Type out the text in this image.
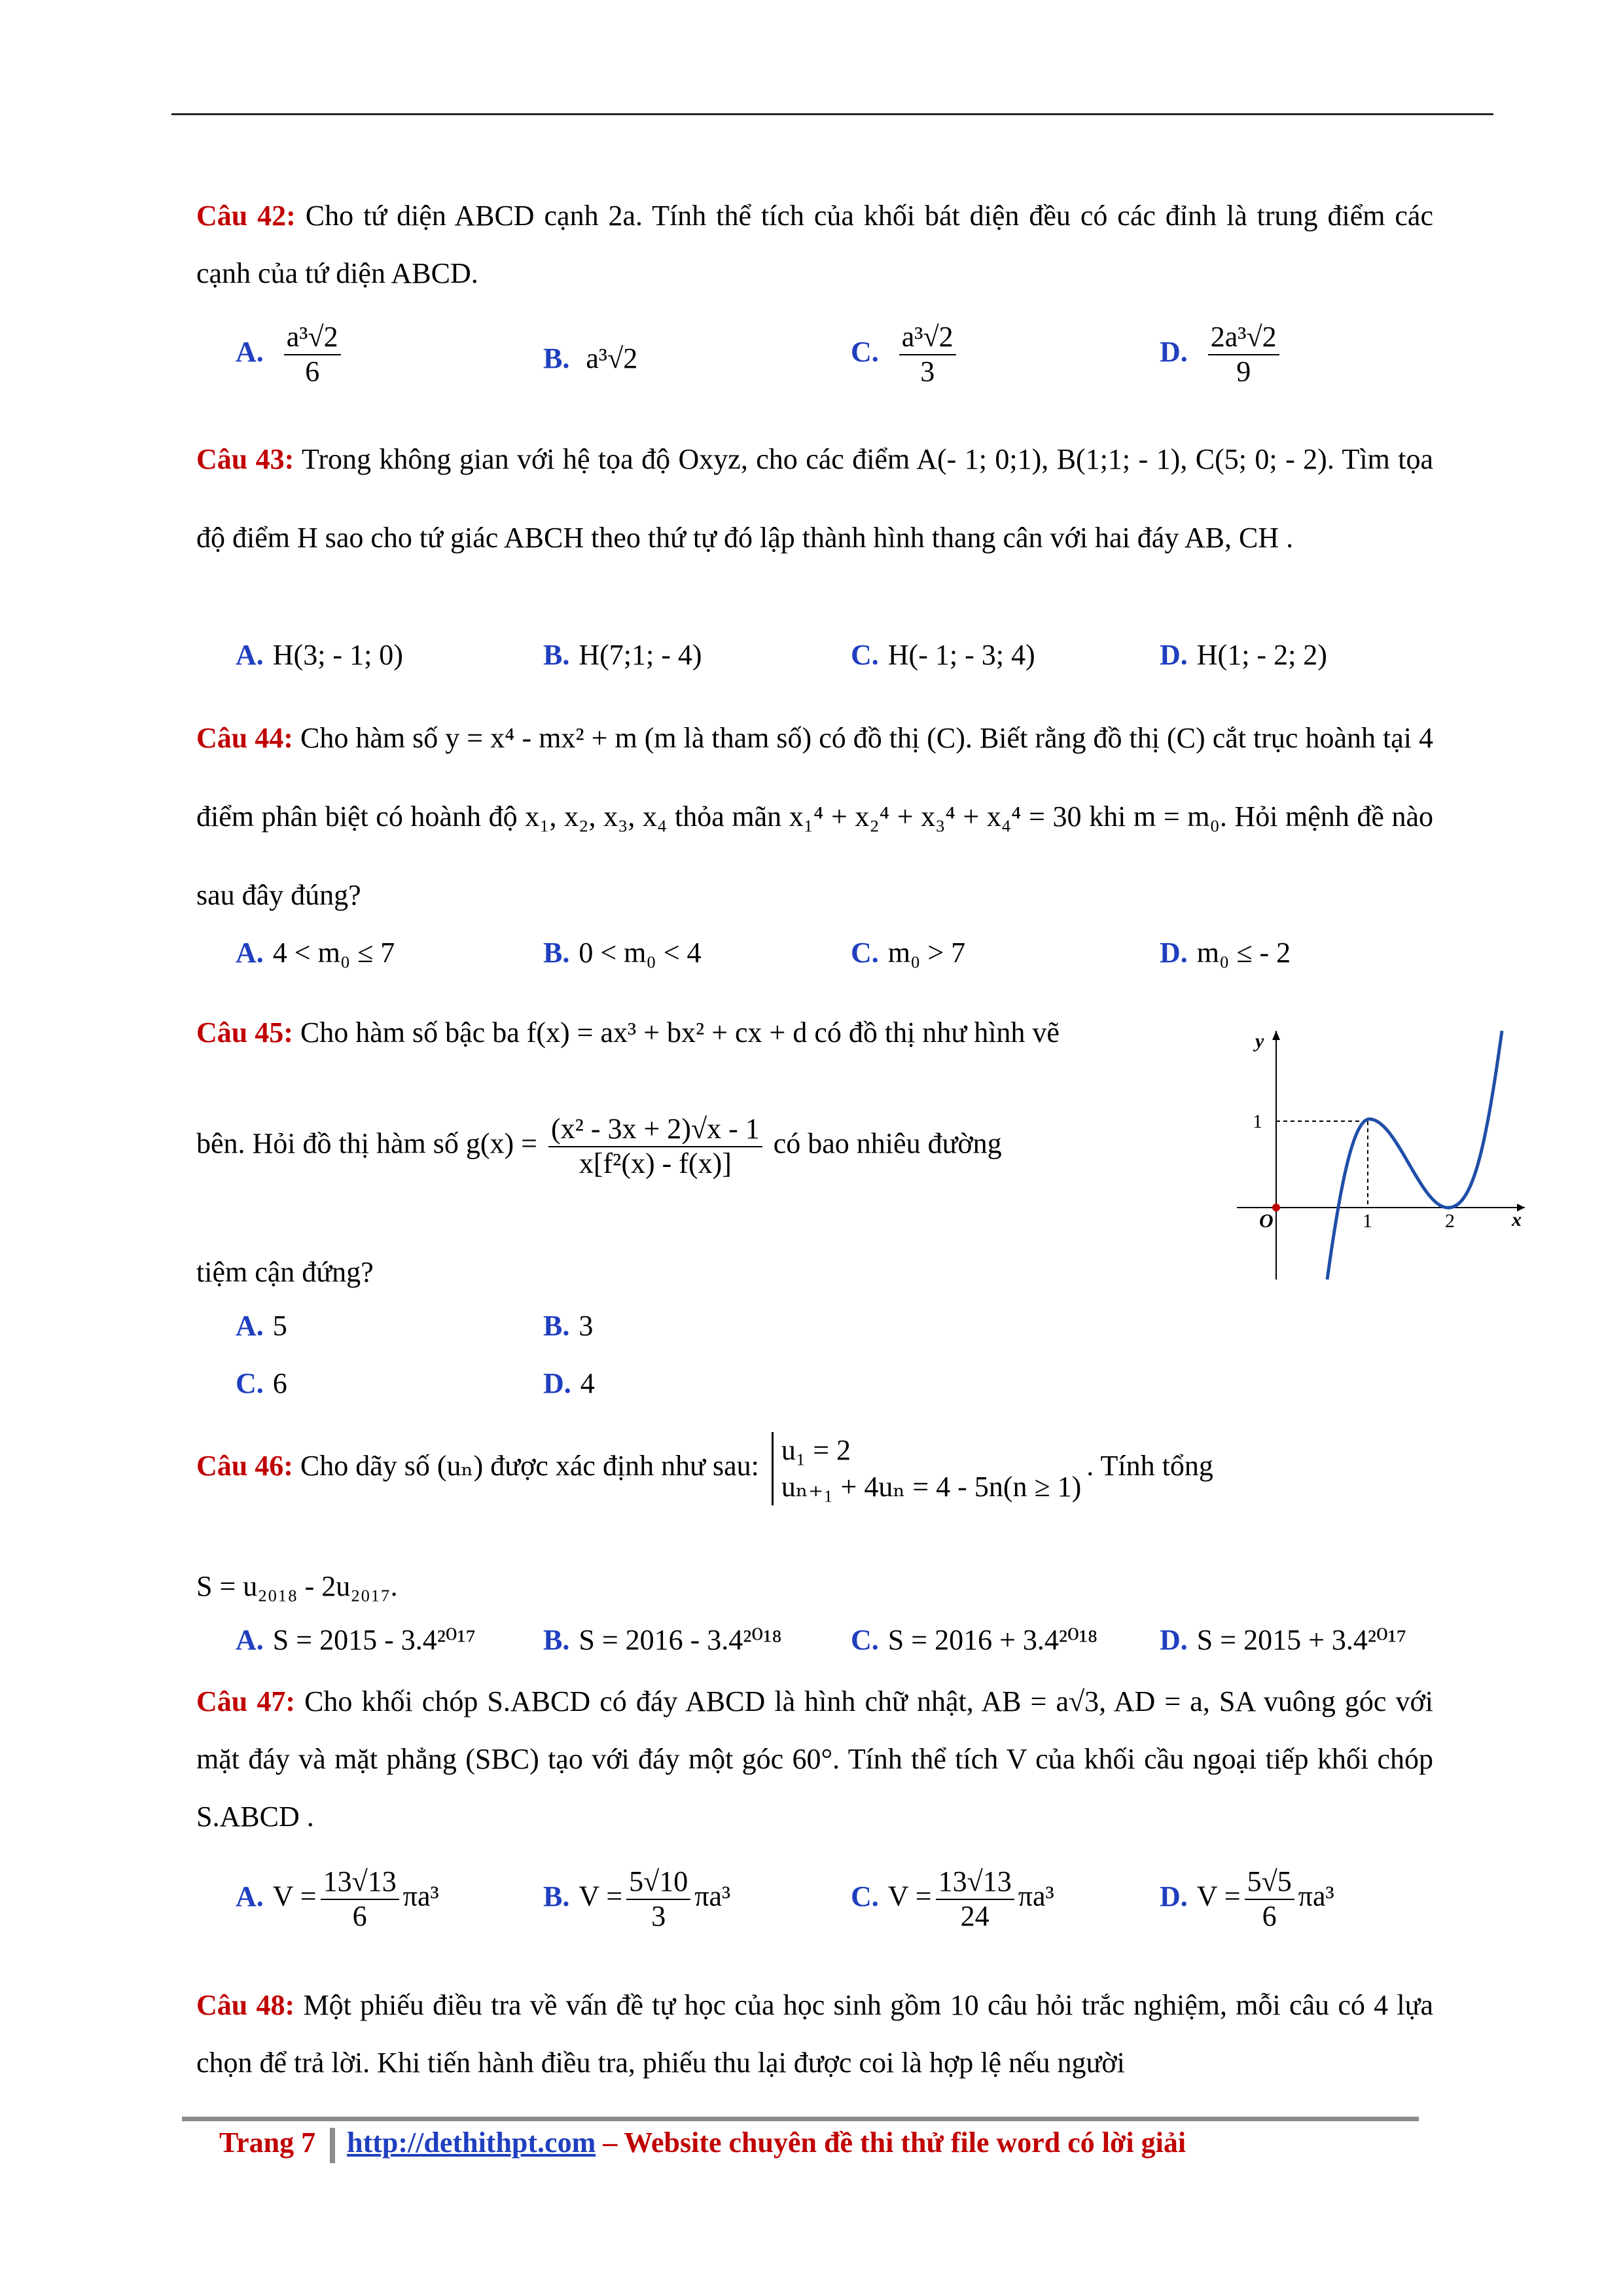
Câu 42: Cho tứ diện ABCD cạnh 2a. Tính thể tích của khối bát diện đều có các đỉnh là trung điểm các cạnh của tứ diện ABCD.
A. $\frac{\text{a³√2}}{6}$	B. a³√2	C. $\frac{\text{a³√2}}{3}$	D. $\frac{\text{2a³√2}}{9}$
Câu 43: Trong không gian với hệ tọa độ Oxyz, cho các điểm A(- 1; 0;1), B(1;1; - 1), C(5; 0; - 2). Tìm tọa độ điểm H sao cho tứ giác ABCH theo thứ tự đó lập thành hình thang cân với hai đáy AB, CH .
A. H(3; - 1; 0)	B. H(7;1; - 4)	C. H(- 1; - 3; 4)	D. H(1; - 2; 2)
Câu 44: Cho hàm số y = x⁴ - mx² + m (m là tham số) có đồ thị (C). Biết rằng đồ thị (C) cắt trục hoành tại 4 điểm phân biệt có hoành độ x₁, x₂, x₃, x₄ thỏa mãn x₁⁴ + x₂⁴ + x₃⁴ + x₄⁴ = 30 khi m = m₀. Hỏi mệnh đề nào sau đây đúng?
A. 4 < m₀ ≤ 7	B. 0 < m₀ < 4	C. m₀ > 7	D. m₀ ≤ - 2
Câu 45: Cho hàm số bậc ba f(x) = ax³ + bx² + cx + d có đồ thị như hình vẽ
bên. Hỏi đồ thị hàm số $g(x) = \frac{\text{(x² - 3x + 2)√x - 1}}{\text{x[f²(x) - f(x)]}}$ có bao nhiêu đường
tiệm cận đứng?
A. 5	B. 3
C. 6	D. 4
y
x
O
1
1	2
Câu 46: Cho dãy số (uₙ) được xác định như sau: u₁ = 2
uₙ₊₁ + 4uₙ = 4 - 5n(n ≥ 1)
. Tính tổng
S = u₂₀₁₈ - 2u₂₀₁₇.
A. S = 2015 - 3.4²⁰¹⁷ B. S = 2016 - 3.4²⁰¹⁸ C. S = 2016 + 3.4²⁰¹⁸ D. S = 2015 + 3.4²⁰¹⁷
Câu 47: Cho khối chóp S.ABCD có đáy ABCD là hình chữ nhật, AB = a√3, AD = a, SA vuông góc với mặt đáy và mặt phẳng (SBC) tạo với đáy một góc 60°. Tính thể tích V của khối cầu ngoại tiếp khối chóp S.ABCD .
A. $V = \frac{13√13}{6} \pi a^3$	B. $V = \frac{5√10}{3} \pi a^3$	C. $V = \frac{13√13}{24} \pi a^3$	D. $V = \frac{5√5}{6} \pi a^3$
Câu 48: Một phiếu điều tra về vấn đề tự học của học sinh gồm 10 câu hỏi trắc nghiệm, mỗi câu có 4 lựa chọn để trả lời. Khi tiến hành điều tra, phiếu thu lại được coi là hợp lệ nếu người
Trang 7 http://dethithpt.com – Website chuyên đề thi thử file word có lời giải
